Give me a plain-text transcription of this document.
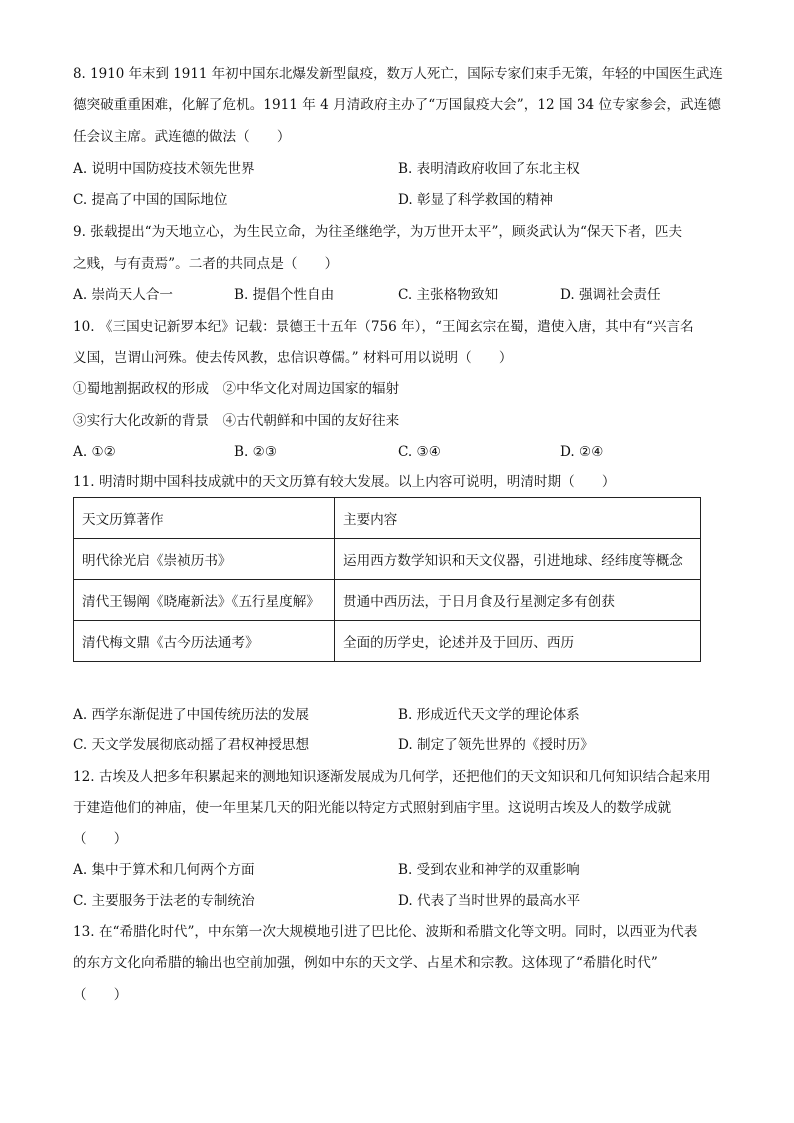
8. 1910 年末到 1911 年初中国东北爆发新型鼠疫，数万人死亡，国际专家们束手无策，年轻的中国医生武连
德突破重重困难，化解了危机。1911 年 4 月清政府主办了“万国鼠疫大会”，12 国 34 位专家参会，武连德
任会议主席。武连德的做法（　　）
A. 说明中国防疫技术领先世界	B. 表明清政府收回了东北主权
C. 提高了中国的国际地位	D. 彰显了科学救国的精神
9. 张载提出“为天地立心，为生民立命，为往圣继绝学，为万世开太平”，顾炎武认为“保天下者，匹夫
之贱，与有责焉”。二者的共同点是（　　）
A. 崇尚天人合一	B. 提倡个性自由	C. 主张格物致知	D. 强调社会责任
10. 《三国史记新罗本纪》记载：景德王十五年（756 年），“王闻玄宗在蜀，遣使入唐，其中有“兴言名
义国，岂谓山河殊。使去传风教，忠信识尊儒。” 材料可用以说明（　　）
①蜀地割据政权的形成　②中华文化对周边国家的辐射
③实行大化改新的背景　④古代朝鲜和中国的友好往来
A. ①②	B. ②③	C. ③④	D. ②④
11. 明清时期中国科技成就中的天文历算有较大发展。以上内容可说明，明清时期（　　）
天文历算著作	主要内容
明代徐光启《崇祯历书》	运用西方数学知识和天文仪器，引进地球、经纬度等概念
清代王锡阐《晓庵新法》《五行星度解》	贯通中西历法，于日月食及行星测定多有创获
清代梅文鼎《古今历法通考》	全面的历学史，论述并及于回历、西历
A. 西学东渐促进了中国传统历法的发展	B. 形成近代天文学的理论体系
C. 天文学发展彻底动摇了君权神授思想	D. 制定了领先世界的《授时历》
12. 古埃及人把多年积累起来的测地知识逐渐发展成为几何学，还把他们的天文知识和几何知识结合起来用
于建造他们的神庙，使一年里某几天的阳光能以特定方式照射到庙宇里。这说明古埃及人的数学成就
（　　）
A. 集中于算术和几何两个方面	B. 受到农业和神学的双重影响
C. 主要服务于法老的专制统治	D. 代表了当时世界的最高水平
13. 在“希腊化时代”，中东第一次大规模地引进了巴比伦、波斯和希腊文化等文明。同时，以西亚为代表
的东方文化向希腊的输出也空前加强，例如中东的天文学、占星术和宗教。这体现了“希腊化时代”
（　　）
